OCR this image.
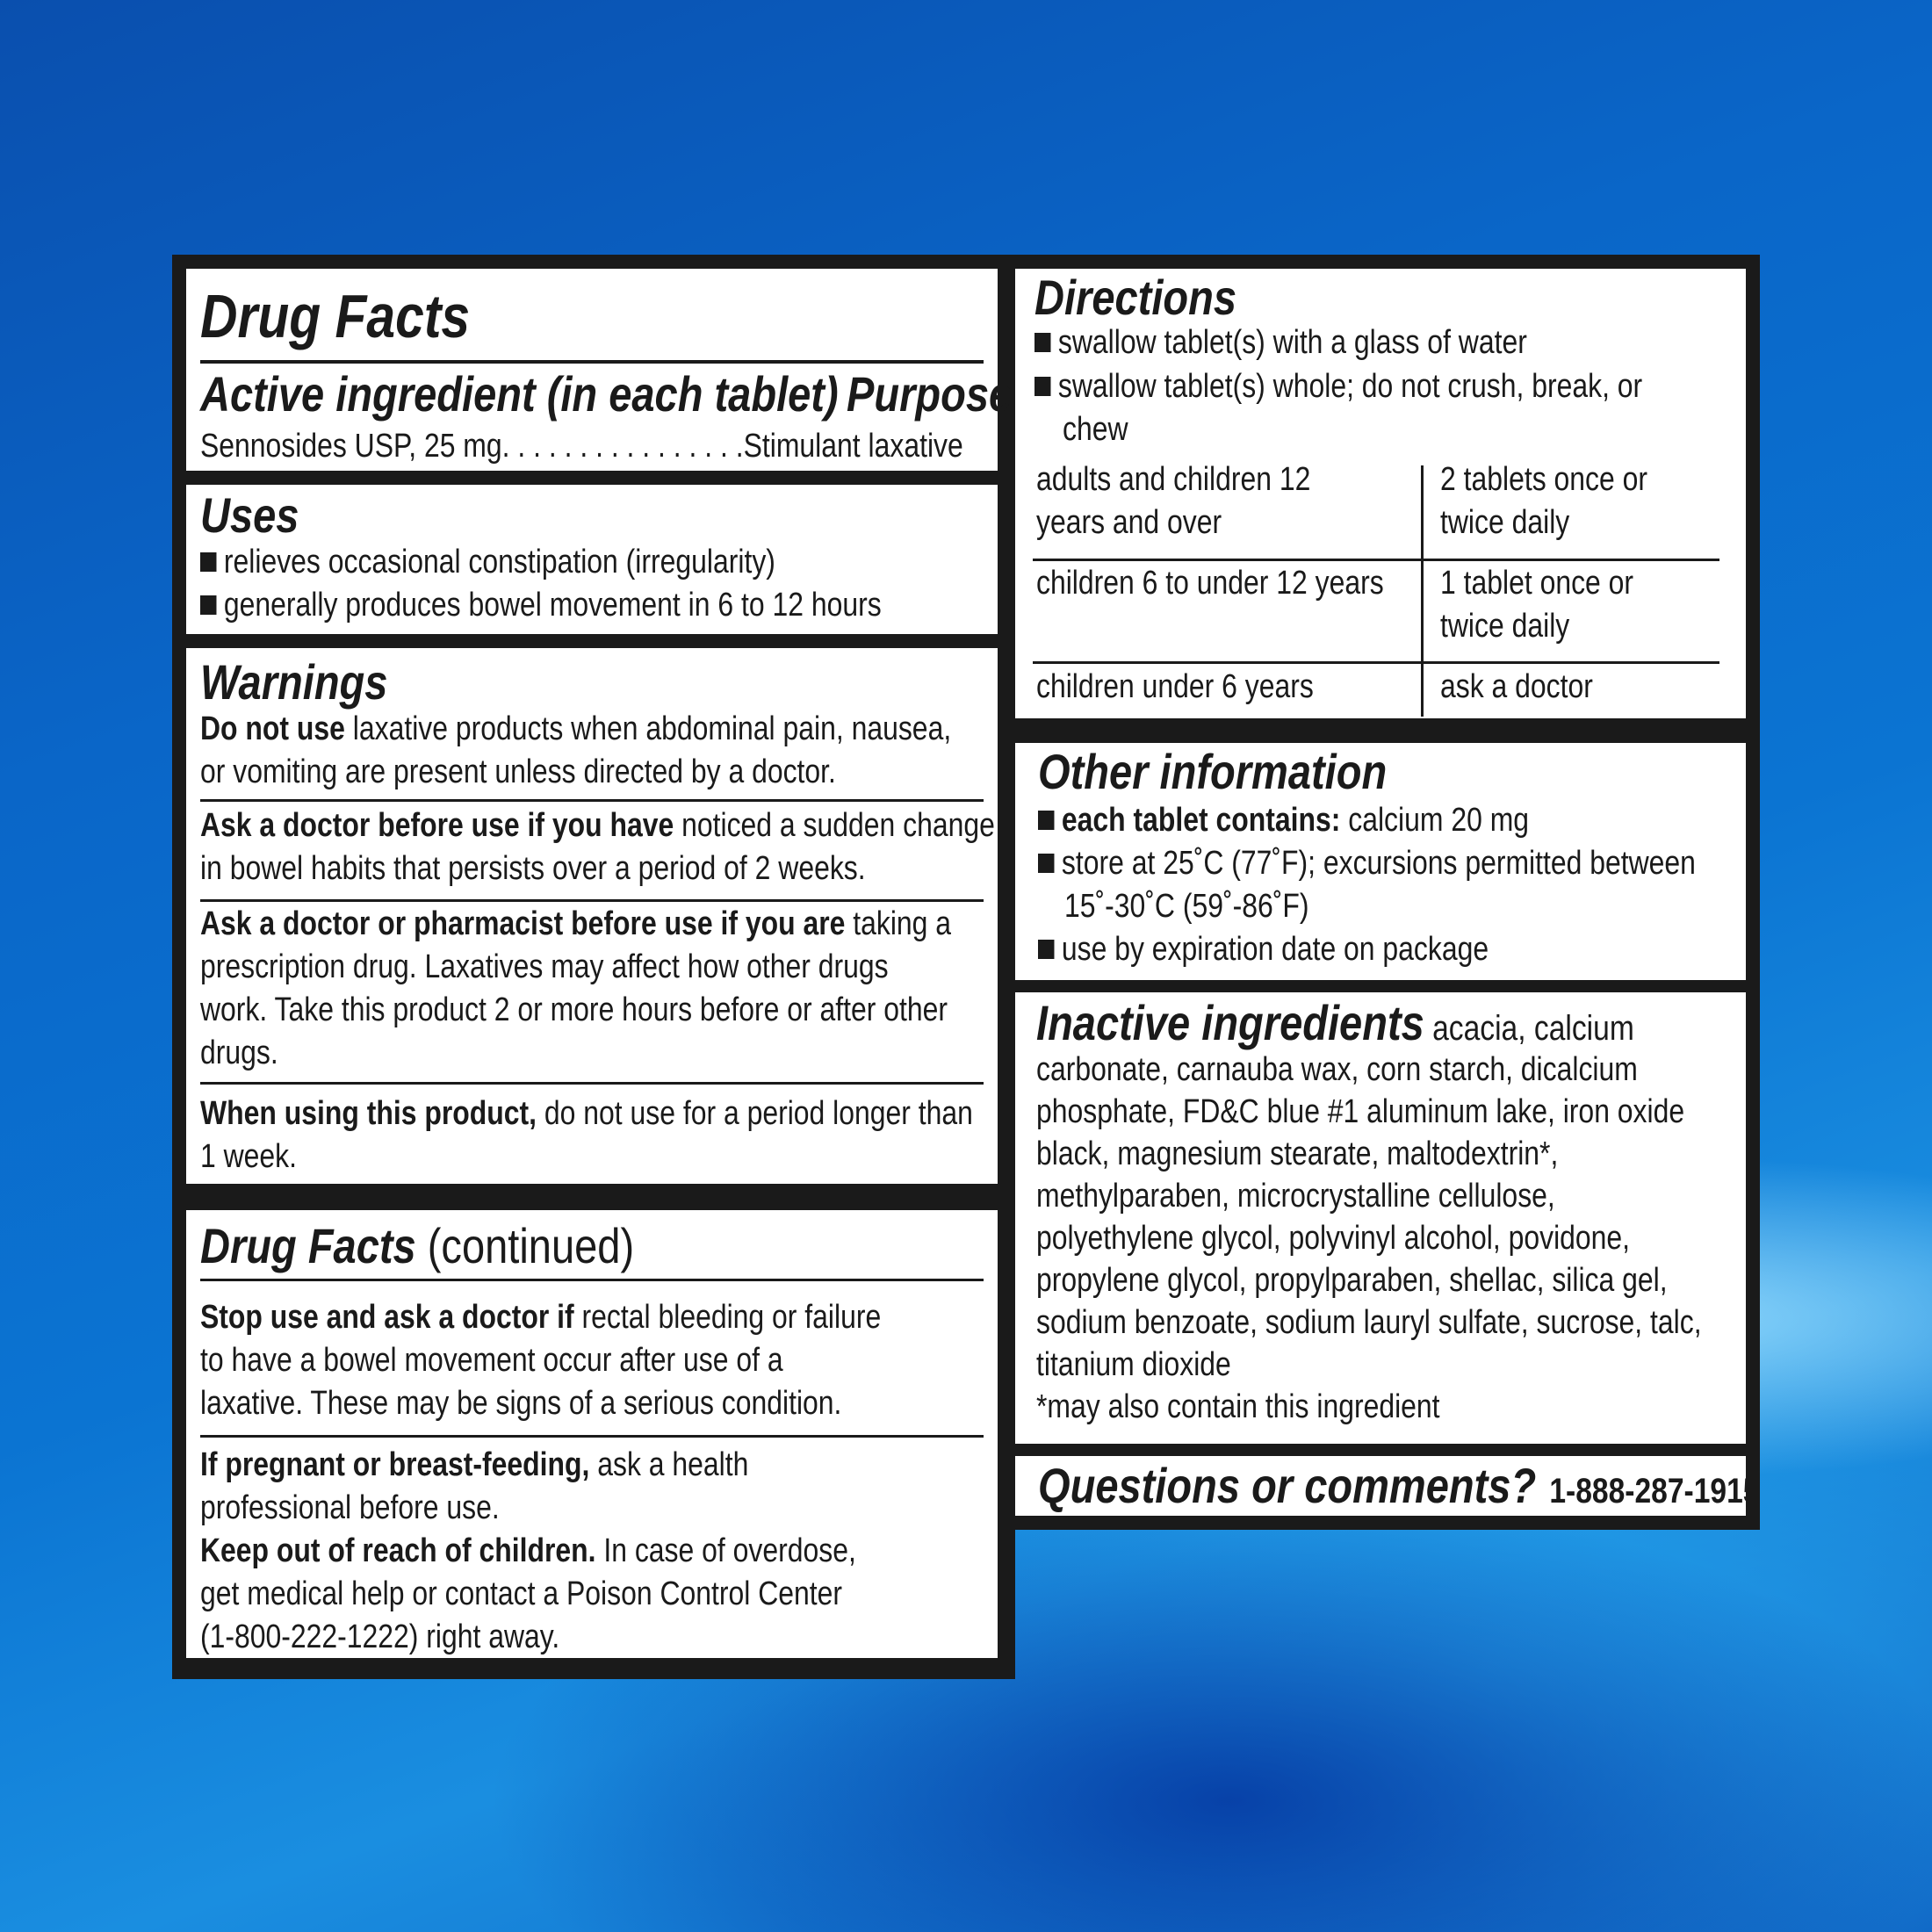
Drug Facts
Active ingredient (in each tablet) Purpose
Sennosides USP, 25 mg. . . . . . . . . . . . . . . .Stimulant laxative
Uses
relieves occasional constipation (irregularity)
generally produces bowel movement in 6 to 12 hours
Warnings
Do not use laxative products when abdominal pain, nausea,
or vomiting are present unless directed by a doctor.
Ask a doctor before use if you have noticed a sudden change
in bowel habits that persists over a period of 2 weeks.
Ask a doctor or pharmacist before use if you are taking a
prescription drug. Laxatives may affect how other drugs
work. Take this product 2 or more hours before or after other
drugs.
When using this product, do not use for a period longer than
1 week.
Drug Facts (continued)
Stop use and ask a doctor if rectal bleeding or failure
to have a bowel movement occur after use of a
laxative. These may be signs of a serious condition.
If pregnant or breast-feeding, ask a health
professional before use.
Keep out of reach of children. In case of overdose,
get medical help or contact a Poison Control Center
(1-800-222-1222) right away.
Directions
swallow tablet(s) with a glass of water
swallow tablet(s) whole; do not crush, break, or
chew
adults and children 12
years and over
2 tablets once or
twice daily
children 6 to under 12 years 1 tablet once or
twice daily
children under 6 years	ask a doctor
Other information
each tablet contains: calcium 20 mg
store at 25˚C (77˚F); excursions permitted between
15˚-30˚C (59˚-86˚F)
use by expiration date on package
Inactive ingredients acacia, calcium
carbonate, carnauba wax, corn starch, dicalcium
phosphate, FD&C blue #1 aluminum lake, iron oxide
black, magnesium stearate, maltodextrin*,
methylparaben, microcrystalline cellulose,
polyethylene glycol, polyvinyl alcohol, povidone,
propylene glycol, propylparaben, shellac, silica gel,
sodium benzoate, sodium lauryl sulfate, sucrose, talc,
titanium dioxide
*may also contain this ingredient
Questions or comments? 1-888-287-1915
